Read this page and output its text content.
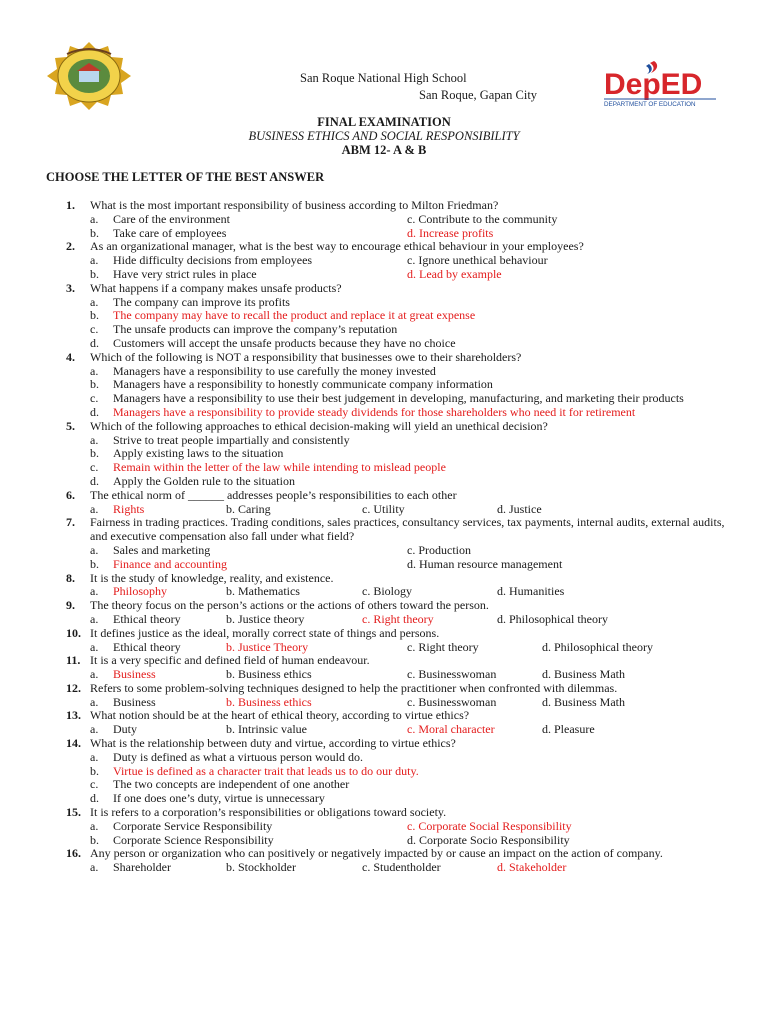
San Roque National High School
San Roque, Gapan City DepED
DEPARTMENT OF EDUCATION
FINAL EXAMINATION
BUSINESS ETHICS AND SOCIAL RESPONSIBILITY
ABM 12- A & B
CHOOSE THE LETTER OF THE BEST ANSWER
1.	What is the most important responsibility of business according to Milton Friedman?
a. Care of the environment	c. Contribute to the community
b. Take care of employees	d. Increase profits
2.	As an organizational manager, what is the best way to encourage ethical behaviour in your employees?
a. Hide difficulty decisions from employees	c. Ignore unethical behaviour
b. Have very strict rules in place	d. Lead by example
3.	What happens if a company makes unsafe products?
a. The company can improve its profits
b. The company may have to recall the product and replace it at great expense
c. The unsafe products can improve the company’s reputation
d. Customers will accept the unsafe products because they have no choice
4.	Which of the following is NOT a responsibility that businesses owe to their shareholders?
a. Managers have a responsibility to use carefully the money invested
b. Managers have a responsibility to honestly communicate company information
c. Managers have a responsibility to use their best judgement in developing, manufacturing, and marketing their products
d. Managers have a responsibility to provide steady dividends for those shareholders who need it for retirement
5.	Which of the following approaches to ethical decision-making will yield an unethical decision?
a. Strive to treat people impartially and consistently
b. Apply existing laws to the situation
c. Remain within the letter of the law while intending to mislead people
d. Apply the Golden rule to the situation
6.	The ethical norm of ______ addresses people’s responsibilities to each other
a. Rights	b. Caring	c. Utility	d. Justice
7.	Fairness in trading practices. Trading conditions, sales practices, consultancy services, tax payments, internal audits, external audits, and executive compensation also fall under what field?
a. Sales and marketing	c. Production
b. Finance and accounting	d. Human resource management
8.	It is the study of knowledge, reality, and existence.
a. Philosophy	b. Mathematics	c. Biology	d. Humanities
9.	The theory focus on the person’s actions or the actions of others toward the person.
a. Ethical theory	b. Justice theory	c. Right theory	d. Philosophical theory
10. It defines justice as the ideal, morally correct state of things and persons.
a. Ethical theory	b. Justice Theory	c. Right theory	d. Philosophical theory
11. It is a very specific and defined field of human endeavour.
a. Business	b. Business ethics	c. Businesswoman	d. Business Math
12. Refers to some problem-solving techniques designed to help the practitioner when confronted with dilemmas.
a. Business	b. Business ethics	c. Businesswoman	d. Business Math
13. What notion should be at the heart of ethical theory, according to virtue ethics?
a. Duty	b. Intrinsic value	c. Moral character	d. Pleasure
14. What is the relationship between duty and virtue, according to virtue ethics?
a. Duty is defined as what a virtuous person would do.
b. Virtue is defined as a character trait that leads us to do our duty.
c. The two concepts are independent of one another
d. If one does one’s duty, virtue is unnecessary
15. It is refers to a corporation’s responsibilities or obligations toward society.
a. Corporate Service Responsibility	c. Corporate Social Responsibility
b. Corporate Science Responsibility	d. Corporate Socio Responsibility
16. Any person or organization who can positively or negatively impacted by or cause an impact on the action of company.
a. Shareholder	b. Stockholder	c. Studentholder	d. Stakeholder
